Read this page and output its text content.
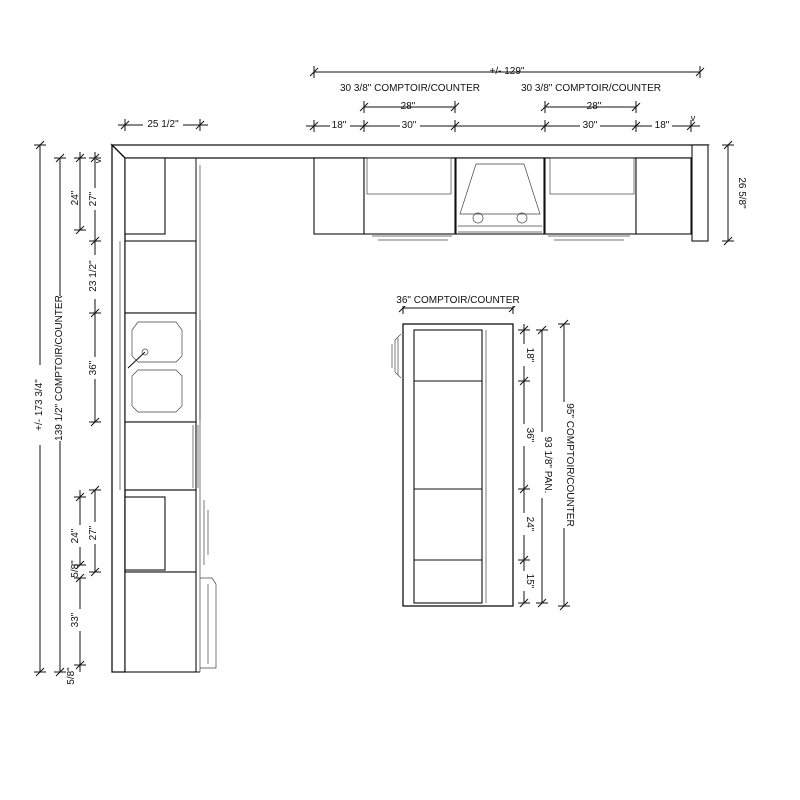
+/- 129"
30 3/8" COMPTOIR/COUNTER	30 3/8" COMPTOIR/COUNTER
28"	28"
18"	30"	30"	18"
v
26 5/8"
25 1/2"
+/- 173 3/4" 139 1/2" COMPTOIR/COUNTER
v
24" 27"
23 1/2"
36"
24" 27"
5/8"
33"
5/8"
36" COMPTOIR/COUNTER
18"
36"
24"
15"
93 1/8" PAN. 95" COMPTOIR/COUNTER
